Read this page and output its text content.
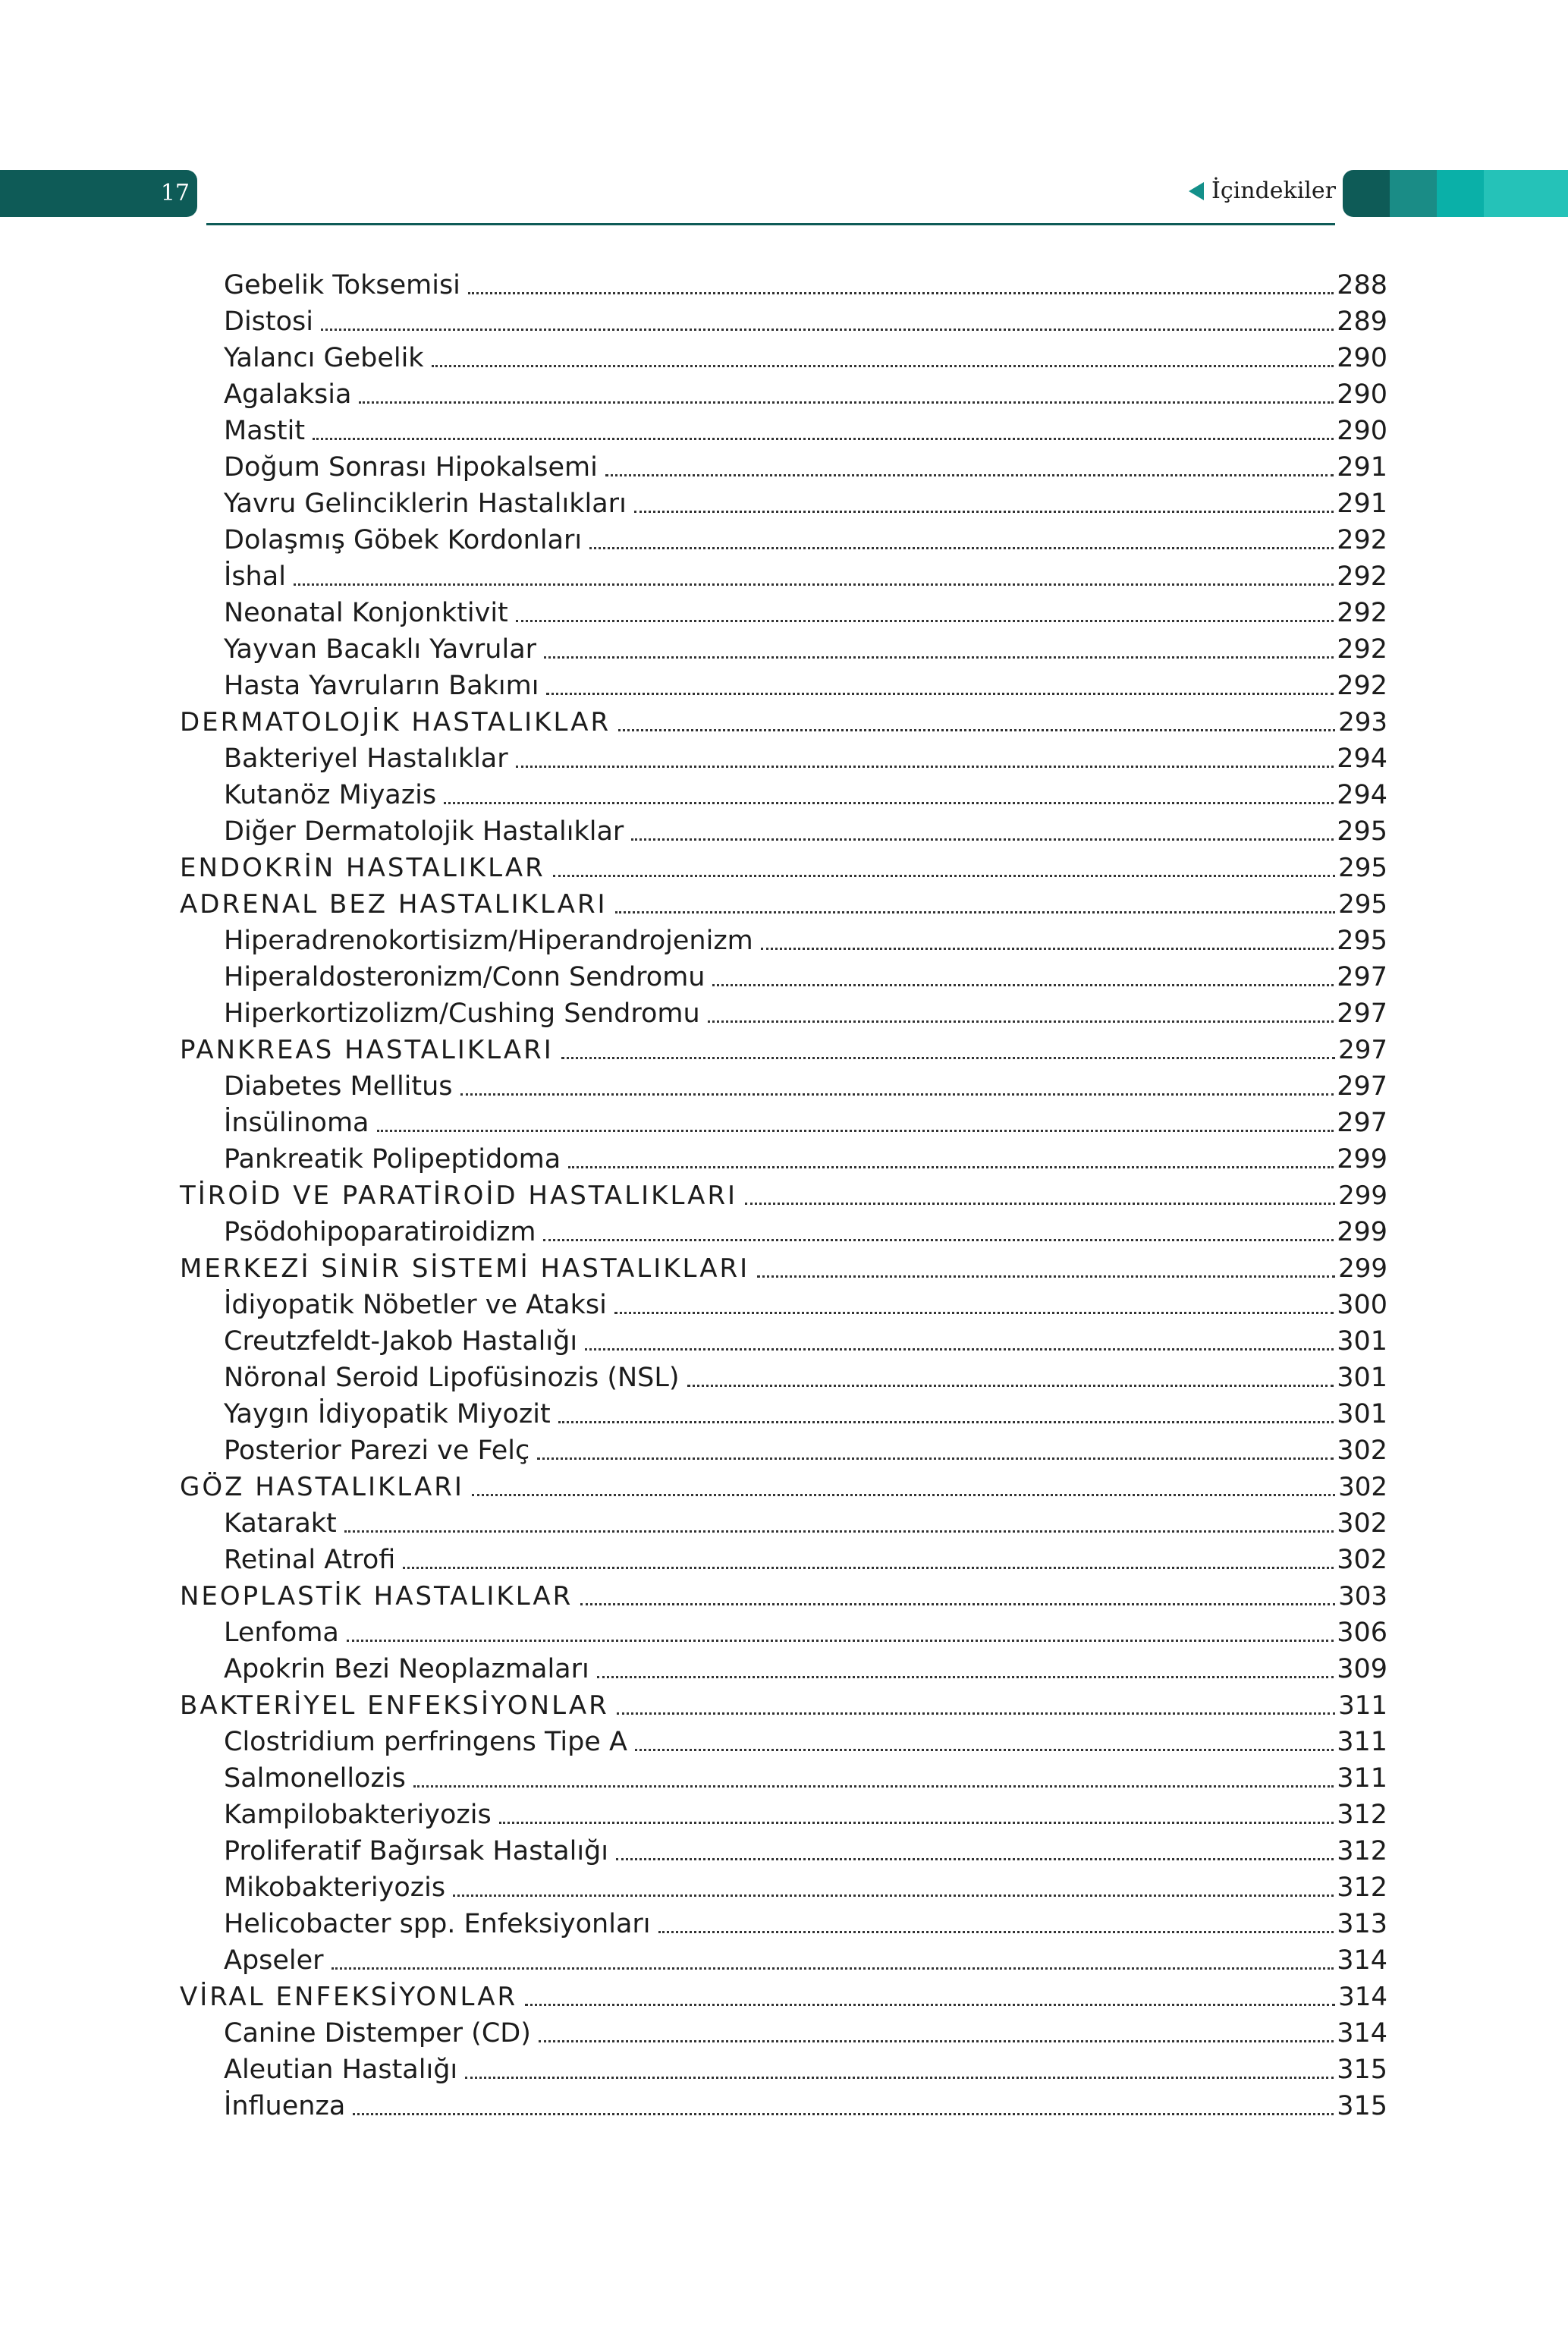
17	İçindekiler
Gebelik Toksemisi	288
Distosi	289
Yalancı Gebelik	290
Agalaksia	290
Mastit	290
Doğum Sonrası Hipokalsemi	291
Yavru Gelinciklerin Hastalıkları	291
Dolaşmış Göbek Kordonları	292
İshal	292
Neonatal Konjonktivit	292
Yayvan Bacaklı Yavrular	292
Hasta Yavruların Bakımı	292
DERMATOLOJİK HASTALIKLAR	293
Bakteriyel Hastalıklar	294
Kutanöz Miyazis	294
Diğer Dermatolojik Hastalıklar	295
ENDOKRİN HASTALIKLAR	295
ADRENAL BEZ HASTALIKLARI	295
Hiperadrenokortisizm/Hiperandrojenizm	295
Hiperaldosteronizm/Conn Sendromu	297
Hiperkortizolizm/Cushing Sendromu	297
PANKREAS HASTALIKLARI	297
Diabetes Mellitus	297
İnsülinoma	297
Pankreatik Polipeptidoma	299
TİROİD VE PARATİROİD HASTALIKLARI	299
Psödohipoparatiroidizm	299
MERKEZİ SİNİR SİSTEMİ HASTALIKLARI	299
İdiyopatik Nöbetler ve Ataksi	300
Creutzfeldt-Jakob Hastalığı	301
Nöronal Seroid Lipofüsinozis (NSL)	301
Yaygın İdiyopatik Miyozit	301
Posterior Parezi ve Felç	302
GÖZ HASTALIKLARI	302
Katarakt	302
Retinal Atrofi	302
NEOPLASTİK HASTALIKLAR	303
Lenfoma	306
Apokrin Bezi Neoplazmaları	309
BAKTERİYEL ENFEKSİYONLAR	311
Clostridium perfringens Tipe A	311
Salmonellozis	311
Kampilobakteriyozis	312
Proliferatif Bağırsak Hastalığı	312
Mikobakteriyozis	312
Helicobacter spp. Enfeksiyonları	313
Apseler	314
VİRAL ENFEKSİYONLAR	314
Canine Distemper (CD)	314
Aleutian Hastalığı	315
İnfluenza	315
